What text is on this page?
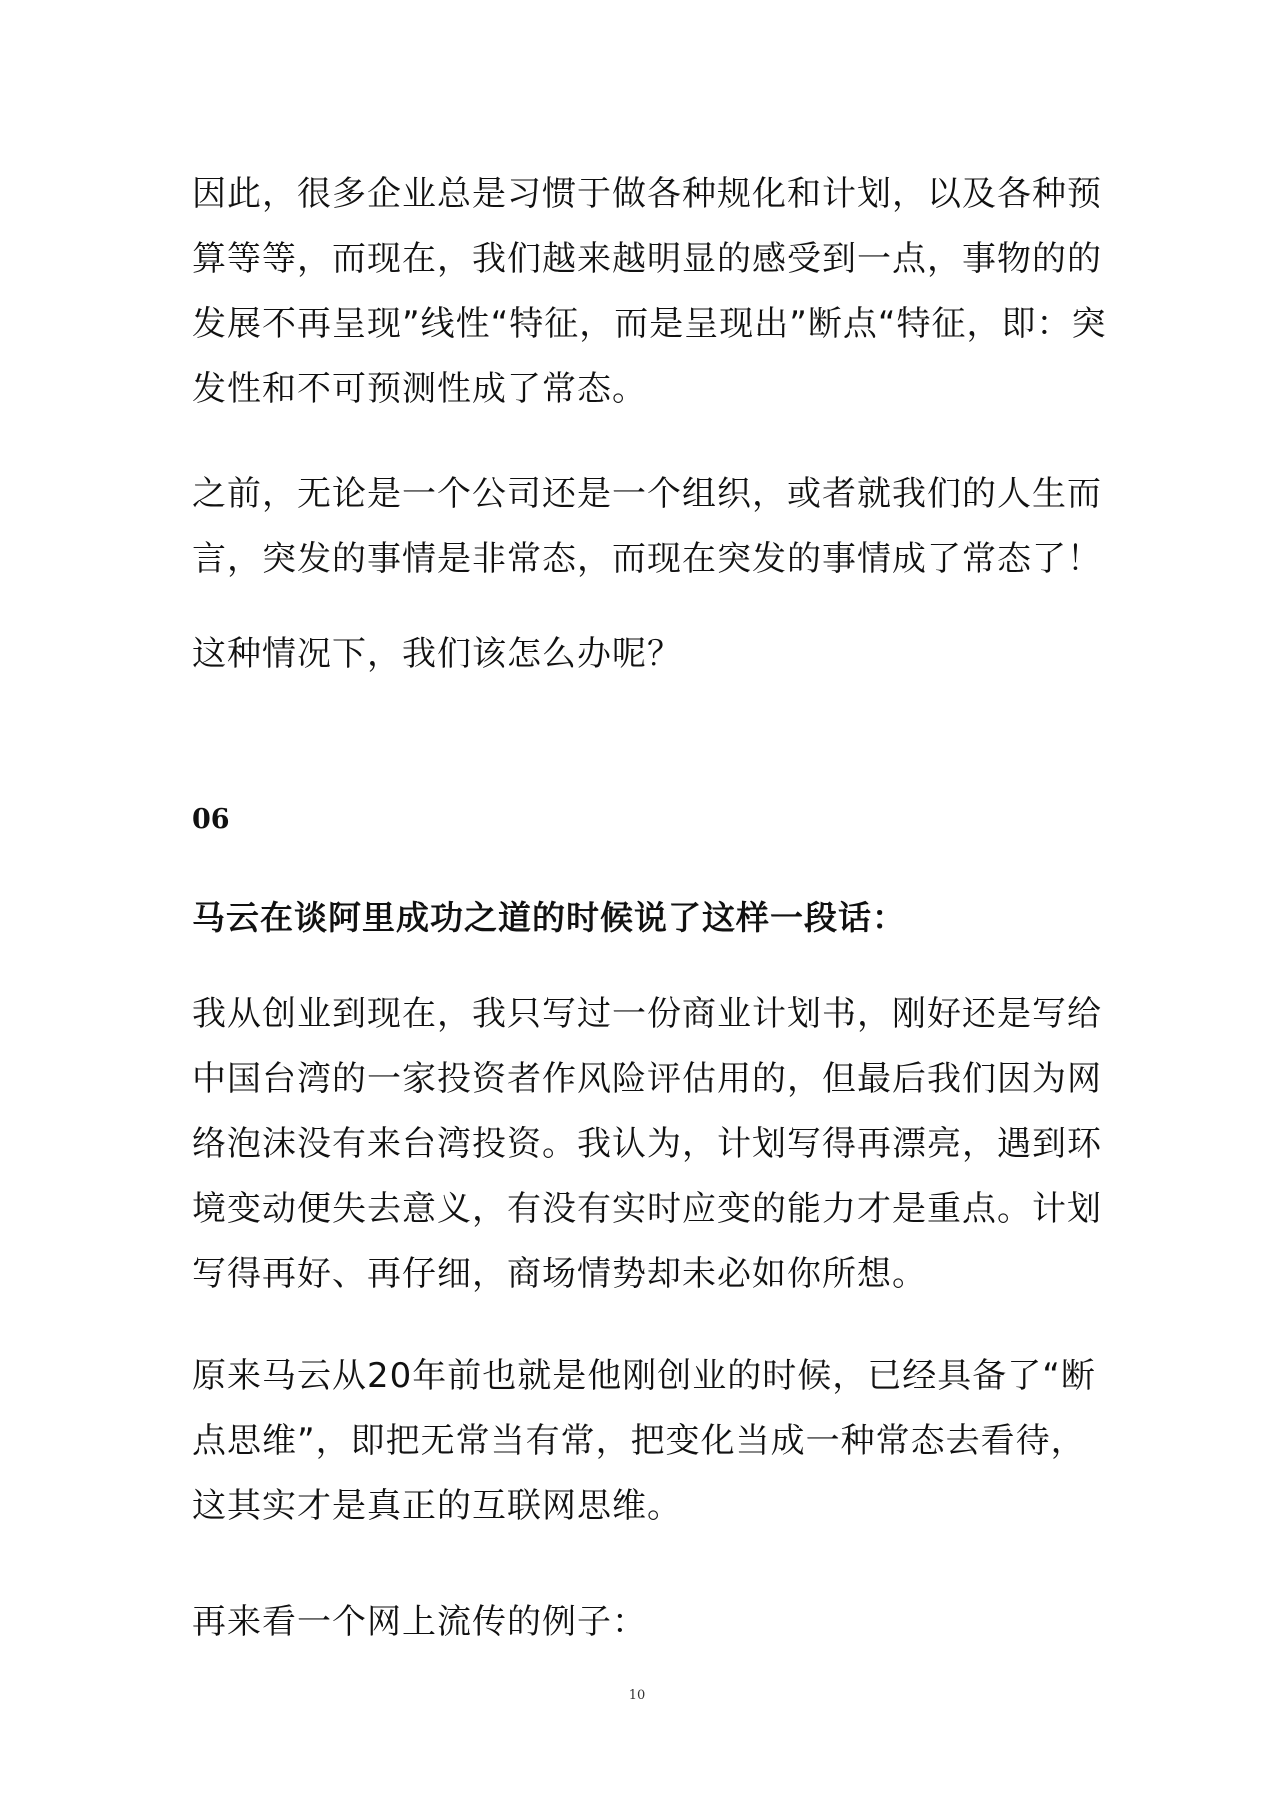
因此，很多企业总是习惯于做各种规化和计划，以及各种预算等等，而现在，我们越来越明显的感受到一点，事物的的发展不再呈现”线性“特征，而是呈现出”断点“特征，即：突发性和不可预测性成了常态。

之前，无论是一个公司还是一个组织，或者就我们的人生而言，突发的事情是非常态，而现在突发的事情成了常态了！

这种情况下，我们该怎么办呢？

06
马云在谈阿里成功之道的时候说了这样一段话：

我从创业到现在，我只写过一份商业计划书，刚好还是写给中国台湾的一家投资者作风险评估用的，但最后我们因为网络泡沫没有来台湾投资。我认为，计划写得再漂亮，遇到环境变动便失去意义，有没有实时应变的能力才是重点。计划写得再好、再仔细，商场情势却未必如你所想。

原来马云从20年前也就是他刚创业的时候，已经具备了“断点思维”，即把无常当有常，把变化当成一种常态去看待，这其实才是真正的互联网思维。

再来看一个网上流传的例子：

10
